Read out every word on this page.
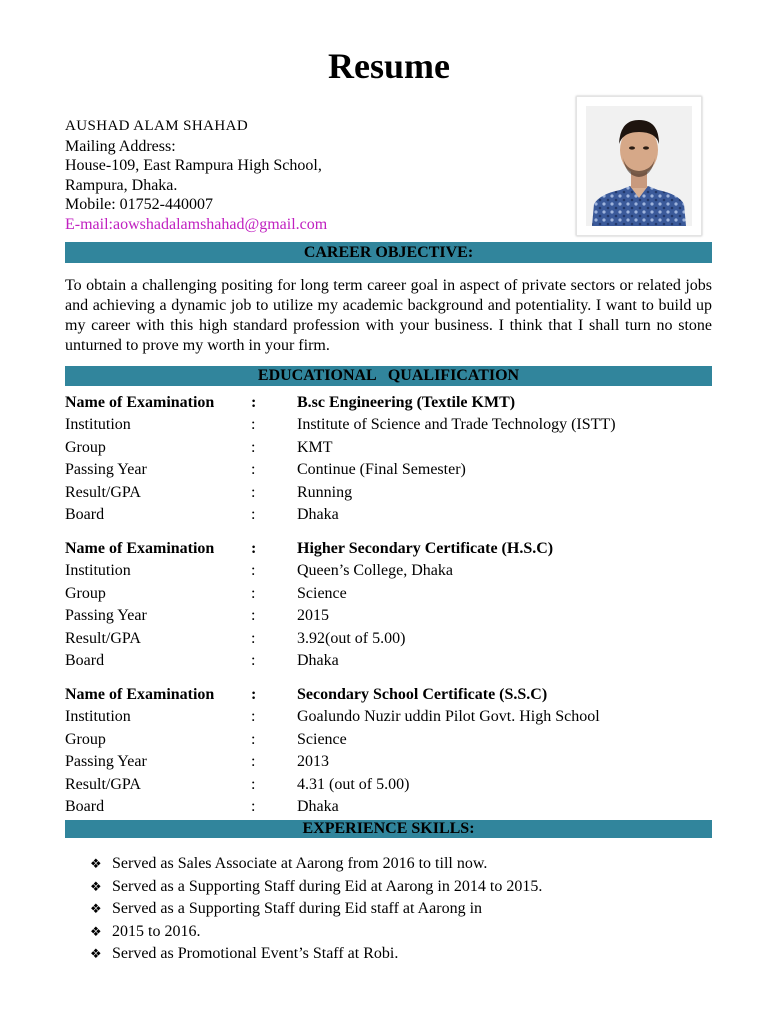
Resume
AUSHAD ALAM SHAHAD
Mailing Address:
House-109, East Rampura High School,
Rampura, Dhaka.
Mobile: 01752-440007
E-mail:aowshadalamshahad@gmail.com
CAREER OBJECTIVE:

To obtain a challenging positing for long term career goal in aspect of private sectors or related jobs and achieving a dynamic job to utilize my academic background and potentiality. I want to build up my career with this high standard profession with your business. I think that I shall turn no stone unturned to prove my worth in your firm.

EDUCATIONAL   QUALIFICATION
Name of Examination :	B.sc Engineering (Textile KMT)
Institution	:	Institute of Science and Trade Technology (ISTT)
Group	:	KMT
Passing Year	:	Continue (Final Semester)
Result/GPA	:	Running
Board	:	Dhaka
Name of Examination :	Higher Secondary Certificate (H.S.C)
Institution	:	Queen’s College, Dhaka
Group	:	Science
Passing Year	:	2015
Result/GPA	:	3.92(out of 5.00)
Board	:	Dhaka
Name of Examination :	Secondary School Certificate (S.S.C)
Institution	:	Goalundo Nuzir uddin Pilot Govt. High School
Group	:	Science
Passing Year	:	2013
Result/GPA	:	4.31 (out of 5.00)
Board	:	Dhaka
EXPERIENCE SKILLS:
❖ Served as Sales Associate at Aarong from 2016 to till now.
❖ Served as a Supporting Staff during Eid at Aarong in 2014 to 2015.
❖ Served as a Supporting Staff during Eid staff at Aarong in
❖ 2015 to 2016.
❖ Served as Promotional Event’s Staff at Robi.
